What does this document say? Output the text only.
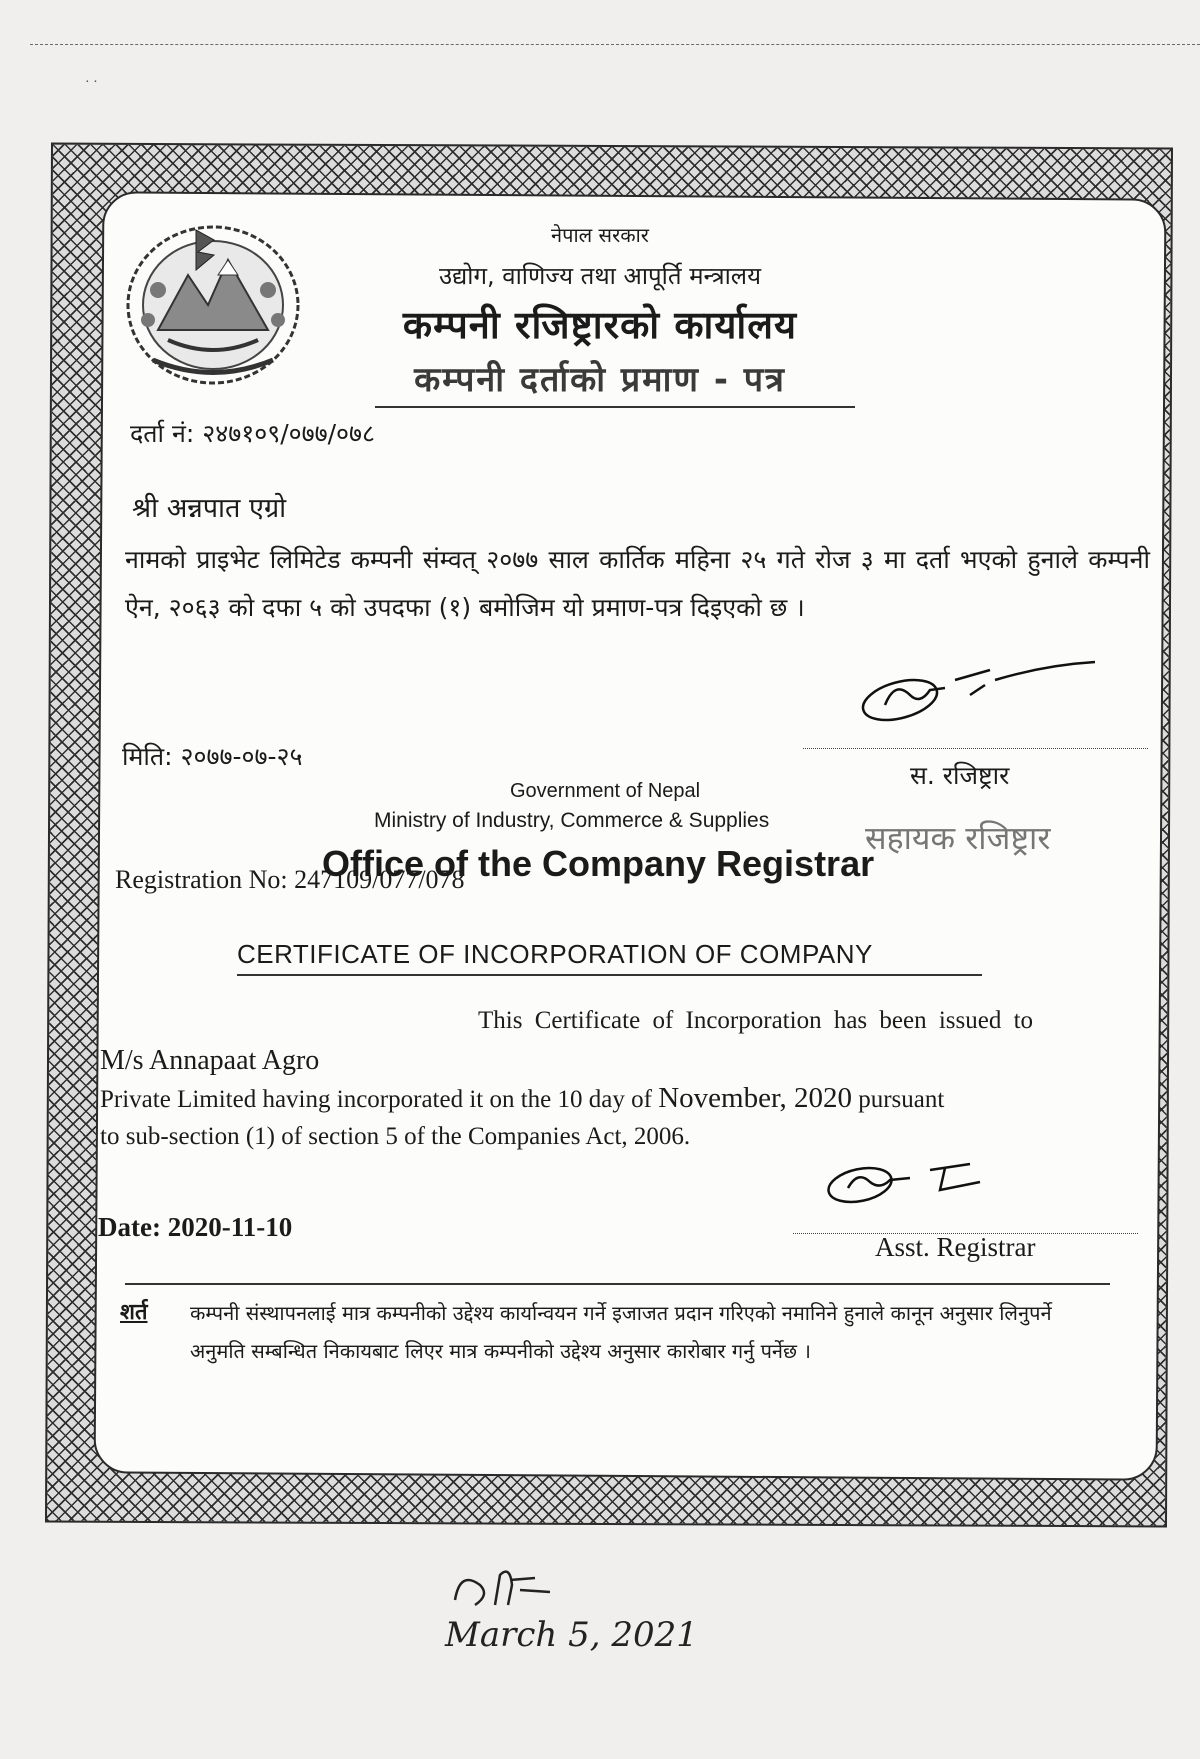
· ·
नेपाल सरकार
उद्योग, वाणिज्य तथा आपूर्ति मन्त्रालय
कम्पनी रजिष्ट्रारको कार्यालय
कम्पनी दर्ताको प्रमाण - पत्र
दर्ता नं: २४७१०९/०७७/०७८
श्री अन्नपात एग्रो
नामको प्राइभेट लिमिटेड कम्पनी संम्वत् २०७७ साल कार्तिक महिना २५ गते रोज ३ मा दर्ता भएको हुनाले कम्पनी ऐन, २०६३ को दफा ५ को उपदफा (१) बमोजिम यो प्रमाण-पत्र दिइएको छ ।
मिति: २०७७-०७-२५
स. रजिष्ट्रार
सहायक रजिष्ट्रार
Government of Nepal
Ministry of Industry, Commerce & Supplies
Office of the Company Registrar
Registration No: 247109/077/078
CERTIFICATE OF INCORPORATION OF COMPANY
This Certificate of Incorporation has been issued to
M/s Annapaat Agro
Private Limited having incorporated it on the 10 day of November, 2020 pursuant
to sub-section (1) of section 5 of the Companies Act, 2006.
Date: 2020-11-10
Asst. Registrar
शर्त कम्पनी संस्थापनलाई मात्र कम्पनीको उद्देश्य कार्यान्वयन गर्ने इजाजत प्रदान गरिएको नमानिने हुनाले कानून अनुसार लिनुपर्ने अनुमति सम्बन्धित निकायबाट लिएर मात्र कम्पनीको उद्देश्य अनुसार कारोबार गर्नु पर्नेछ ।
March 5, 2021
